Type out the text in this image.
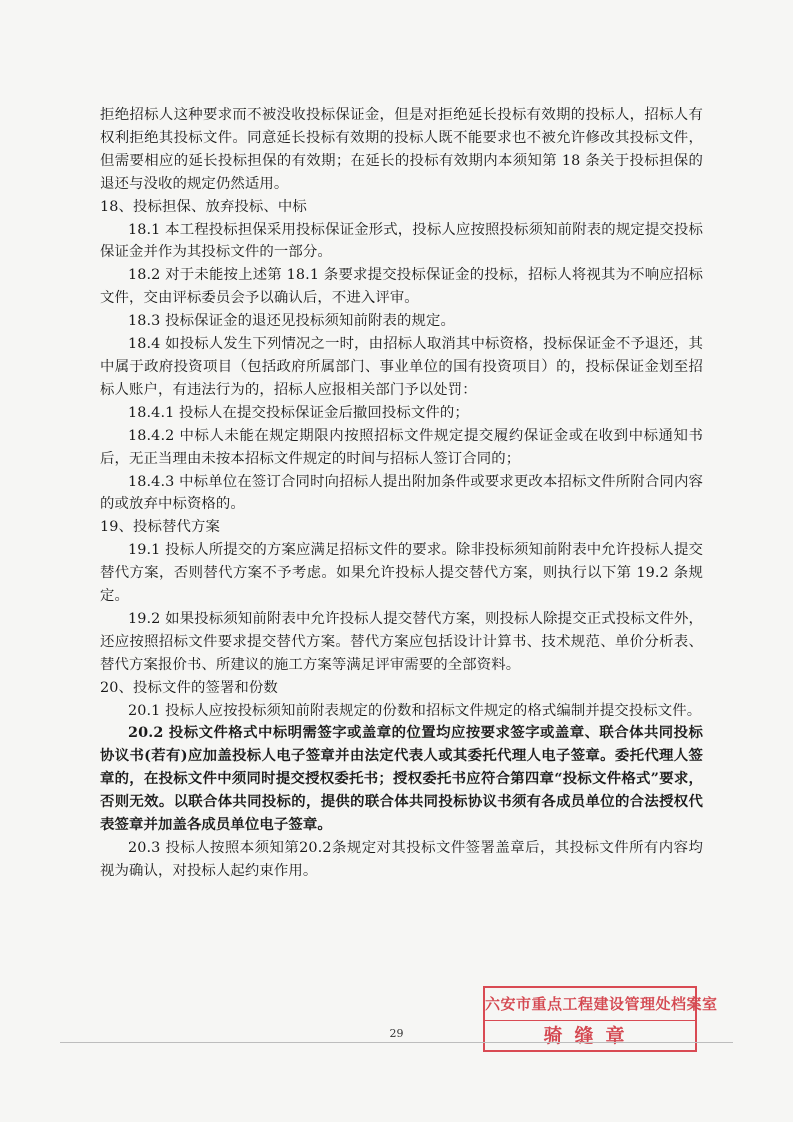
拒绝招标人这种要求而不被没收投标保证金，但是对拒绝延长投标有效期的投标人，招标人有权利拒绝其投标文件。同意延长投标有效期的投标人既不能要求也不被允许修改其投标文件，但需要相应的延长投标担保的有效期；在延长的投标有效期内本须知第 18 条关于投标担保的退还与没收的规定仍然适用。

18、投标担保、放弃投标、中标

18.1 本工程投标担保采用投标保证金形式，投标人应按照投标须知前附表的规定提交投标保证金并作为其投标文件的一部分。

18.2 对于未能按上述第 18.1 条要求提交投标保证金的投标，招标人将视其为不响应招标文件，交由评标委员会予以确认后，不进入评审。

18.3 投标保证金的退还见投标须知前附表的规定。

18.4 如投标人发生下列情况之一时，由招标人取消其中标资格，投标保证金不予退还，其中属于政府投资项目（包括政府所属部门、事业单位的国有投资项目）的，投标保证金划至招标人账户，有违法行为的，招标人应报相关部门予以处罚：

18.4.1 投标人在提交投标保证金后撤回投标文件的；

18.4.2 中标人未能在规定期限内按照招标文件规定提交履约保证金或在收到中标通知书后，无正当理由未按本招标文件规定的时间与招标人签订合同的；

18.4.3 中标单位在签订合同时向招标人提出附加条件或要求更改本招标文件所附合同内容的或放弃中标资格的。

19、投标替代方案

19.1 投标人所提交的方案应满足招标文件的要求。除非投标须知前附表中允许投标人提交替代方案，否则替代方案不予考虑。如果允许投标人提交替代方案，则执行以下第 19.2 条规定。

19.2 如果投标须知前附表中允许投标人提交替代方案，则投标人除提交正式投标文件外，还应按照招标文件要求提交替代方案。替代方案应包括设计计算书、技术规范、单价分析表、替代方案报价书、所建议的施工方案等满足评审需要的全部资料。

20、投标文件的签署和份数

20.1 投标人应按投标须知前附表规定的份数和招标文件规定的格式编制并提交投标文件。

20.2 投标文件格式中标明需签字或盖章的位置均应按要求签字或盖章、联合体共同投标协议书(若有)应加盖投标人电子签章并由法定代表人或其委托代理人电子签章。委托代理人签章的，在投标文件中须同时提交授权委托书；授权委托书应符合第四章“投标文件格式”要求，否则无效。以联合体共同投标的，提供的联合体共同投标协议书须有各成员单位的合法授权代表签章并加盖各成员单位电子签章。

20.3 投标人按照本须知第20.2条规定对其投标文件签署盖章后，其投标文件所有内容均视为确认，对投标人起约束作用。

六安市重点工程建设管理处档案室
骑缝章
29
